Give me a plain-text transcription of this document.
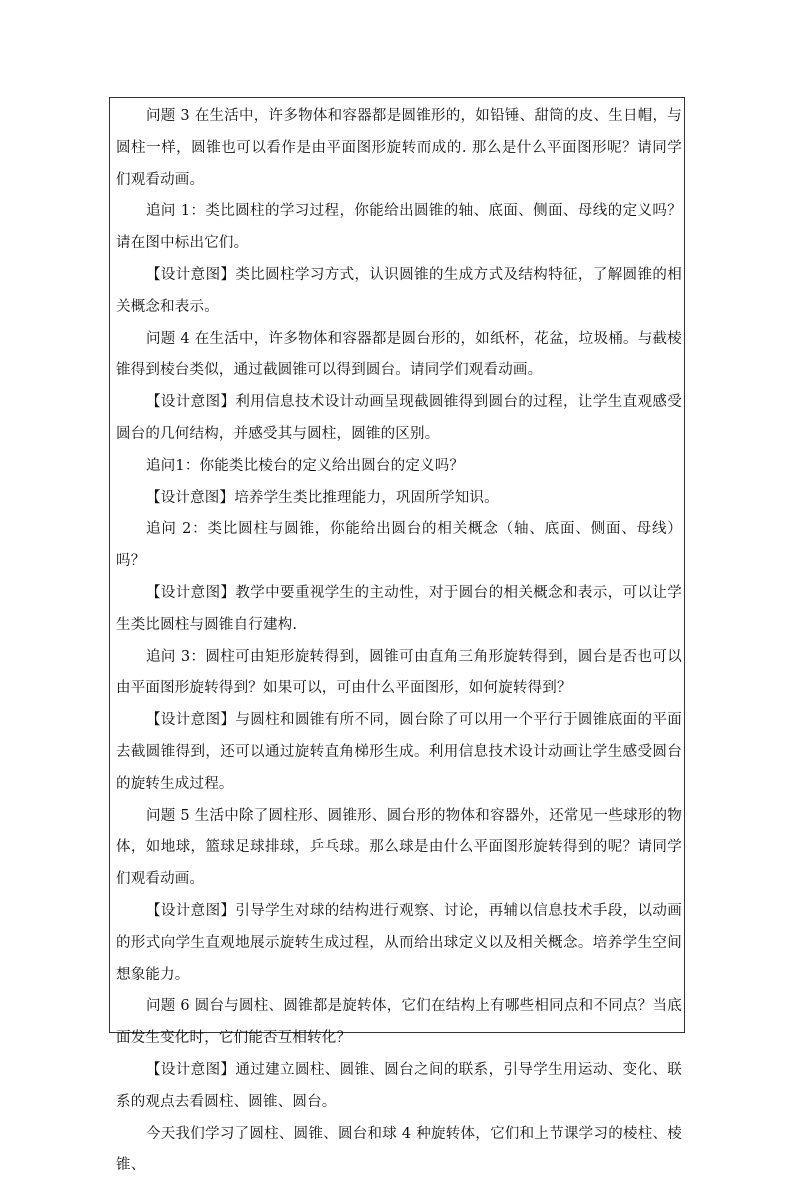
问题 3 在生活中，许多物体和容器都是圆锥形的，如铅锤、甜筒的皮、生日帽，与圆柱一样，圆锥也可以看作是由平面图形旋转而成的. 那么是什么平面图形呢？请同学们观看动画。

追问 1：类比圆柱的学习过程，你能给出圆锥的轴、底面、侧面、母线的定义吗？请在图中标出它们。

【设计意图】类比圆柱学习方式，认识圆锥的生成方式及结构特征，了解圆锥的相关概念和表示。

问题 4 在生活中，许多物体和容器都是圆台形的，如纸杯，花盆，垃圾桶。与截棱锥得到棱台类似，通过截圆锥可以得到圆台。请同学们观看动画。

【设计意图】利用信息技术设计动画呈现截圆锥得到圆台的过程，让学生直观感受圆台的几何结构，并感受其与圆柱，圆锥的区别。

追问1：你能类比棱台的定义给出圆台的定义吗？

【设计意图】培养学生类比推理能力，巩固所学知识。

追问 2：类比圆柱与圆锥，你能给出圆台的相关概念（轴、底面、侧面、母线）吗？

【设计意图】教学中要重视学生的主动性，对于圆台的相关概念和表示，可以让学生类比圆柱与圆锥自行建构.

追问 3：圆柱可由矩形旋转得到，圆锥可由直角三角形旋转得到，圆台是否也可以由平面图形旋转得到？如果可以，可由什么平面图形，如何旋转得到？

【设计意图】与圆柱和圆锥有所不同，圆台除了可以用一个平行于圆锥底面的平面去截圆锥得到，还可以通过旋转直角梯形生成。利用信息技术设计动画让学生感受圆台的旋转生成过程。

问题 5 生活中除了圆柱形、圆锥形、圆台形的物体和容器外，还常见一些球形的物体，如地球，篮球足球排球，乒乓球。那么球是由什么平面图形旋转得到的呢？请同学们观看动画。

【设计意图】引导学生对球的结构进行观察、讨论，再辅以信息技术手段，以动画的形式向学生直观地展示旋转生成过程，从而给出球定义以及相关概念。培养学生空间想象能力。

问题 6 圆台与圆柱、圆锥都是旋转体，它们在结构上有哪些相同点和不同点？当底面发生变化时，它们能否互相转化？

【设计意图】通过建立圆柱、圆锥、圆台之间的联系，引导学生用运动、变化、联系的观点去看圆柱、圆锥、圆台。

今天我们学习了圆柱、圆锥、圆台和球 4 种旋转体，它们和上节课学习的棱柱、棱锥、
